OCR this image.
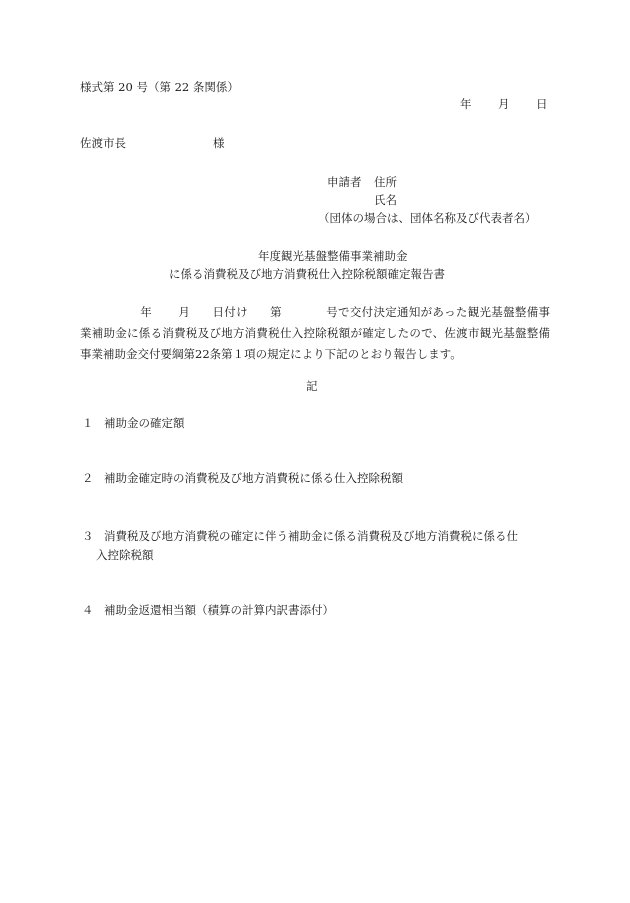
様式第 20 号（第 22 条関係）
年 月 日
佐渡市長	様
申請者 住所
氏名
（団体の場合は、団体名称及び代表者名）
年度観光基盤整備事業補助金
に係る消費税及び地方消費税仕入控除税額確定報告書
年 月 日付け 第	号で交付決定通知があった観光基盤整備事業補助金に係る消費税及び地方消費税仕入控除税額が確定したので、佐渡市観光基盤整備事業補助金交付要綱第22条第１項の規定により下記のとおり報告します。
記
１ 補助金の確定額
２ 補助金確定時の消費税及び地方消費税に係る仕入控除税額
３ 消費税及び地方消費税の確定に伴う補助金に係る消費税及び地方消費税に係る仕
入控除税額
４ 補助金返還相当額（積算の計算内訳書添付）
